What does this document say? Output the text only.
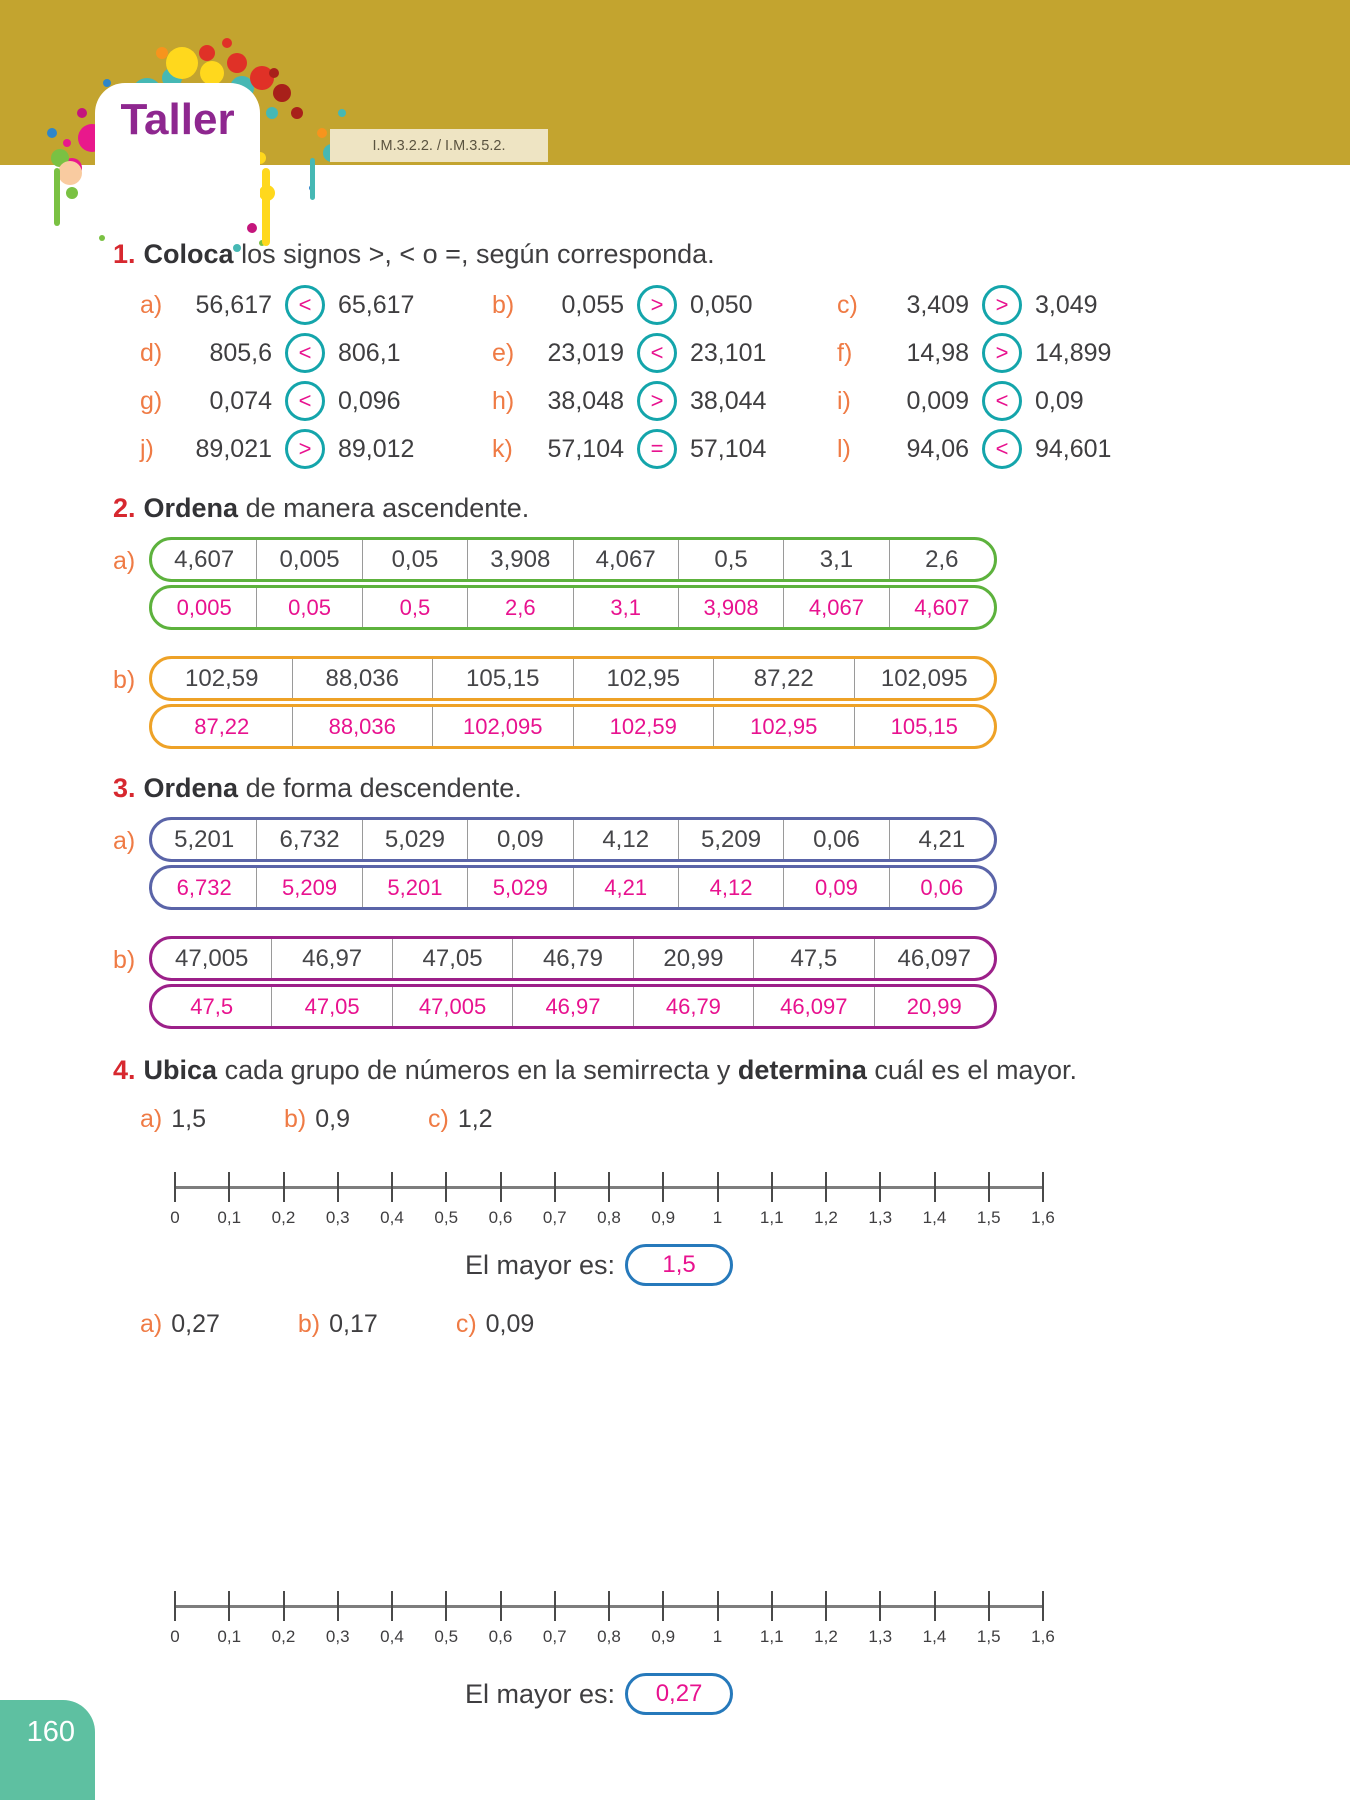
Taller
I.M.3.2.2. / I.M.3.5.2.
1. Coloca los signos >, < o =, según corresponda.
a)	56,617 < 65,617	b)	0,055 > 0,050	c)	3,409 > 3,049
d)	805,6 < 806,1	e)	23,019 < 23,101	f)	14,98 > 14,899
g)	0,074 < 0,096	h)	38,048 > 38,044	i)	0,009 < 0,09
j)	89,021 > 89,012	k)	57,104 = 57,104	l)	94,06 < 94,601
2. Ordena de manera ascendente.
a)	4,607 0,005 0,05 3,908 4,067 0,5	3,1	2,6
0,005	0,05	0,5	2,6	3,1	3,908 4,067 4,607
b)	102,59	88,036	105,15	102,95	87,22	102,095
87,22	88,036	102,095	102,59	102,95	105,15
3. Ordena de forma descendente.
a)	5,201 6,732 5,029 0,09 4,12 5,209 0,06 4,21
6,732 5,209 5,201 5,029	4,21	4,12	0,09	0,06
b)	47,005 46,97	47,05	46,79	20,99	47,5	46,097
47,5	47,05	47,005	46,97	46,79	46,097	20,99
4. Ubica cada grupo de números en la semirrecta y determina cuál es el mayor.
a) 1,5	b) 0,9	c) 1,2
0 0,1 0,2 0,3 0,4 0,5 0,6 0,7 0,8 0,9 1 1,1 1,2 1,3 1,4 1,5 1,6
El mayor es: 1,5
a) 0,27	b) 0,17	c) 0,09
0 0,1 0,2 0,3 0,4 0,5 0,6 0,7 0,8 0,9 1 1,1 1,2 1,3 1,4 1,5 1,6
El mayor es: 0,27
160
